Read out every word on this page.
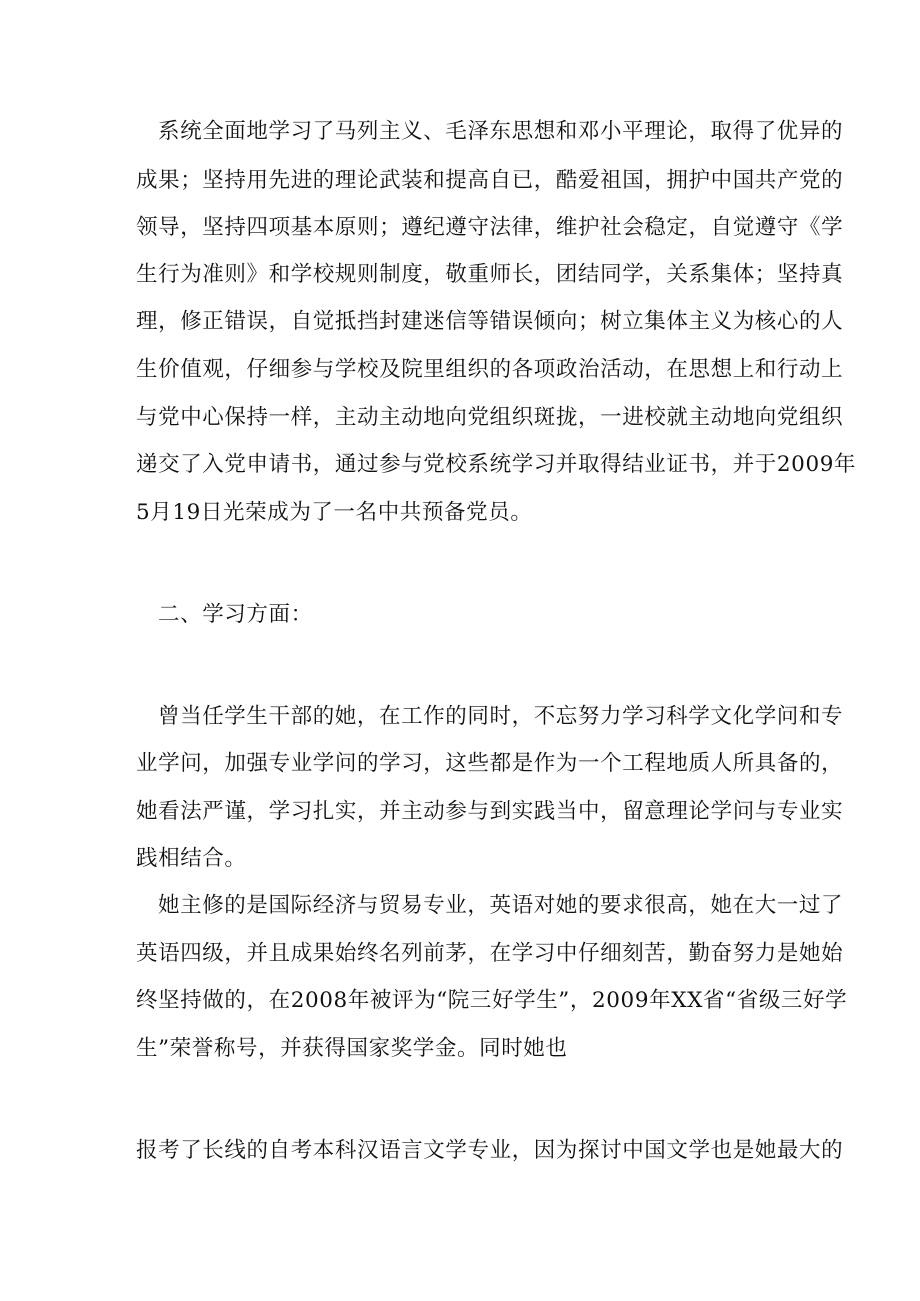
系统全面地学习了马列主义、毛泽东思想和邓小平理论，取得了优异的
成果；坚持用先进的理论武装和提高自已，酷爱祖国，拥护中国共产党的
领导，坚持四项基本原则；遵纪遵守法律，维护社会稳定，自觉遵守《学
生行为准则》和学校规则制度，敬重师长，团结同学，关系集体；坚持真
理，修正错误，自觉抵挡封建迷信等错误倾向；树立集体主义为核心的人
生价值观，仔细参与学校及院里组织的各项政治活动，在思想上和行动上
与党中心保持一样，主动主动地向党组织斑拢，一进校就主动地向党组织
递交了入党申请书，通过参与党校系统学习并取得结业证书，并于2009年
5月19日光荣成为了一名中共预备党员。
二、学习方面：
曾当任学生干部的她，在工作的同时，不忘努力学习科学文化学问和专
业学问，加强专业学问的学习，这些都是作为一个工程地质人所具备的，
她看法严谨，学习扎实，并主动参与到实践当中，留意理论学问与专业实
践相结合。
她主修的是国际经济与贸易专业，英语对她的要求很高，她在大一过了
英语四级，并且成果始终名列前茅，在学习中仔细刻苦，勤奋努力是她始
终坚持做的，在2008年被评为“院三好学生”，2009年XX省“省级三好学
生”荣誉称号，并获得国家奖学金。同时她也
报考了长线的自考本科汉语言文学专业，因为探讨中国文学也是她最大的
